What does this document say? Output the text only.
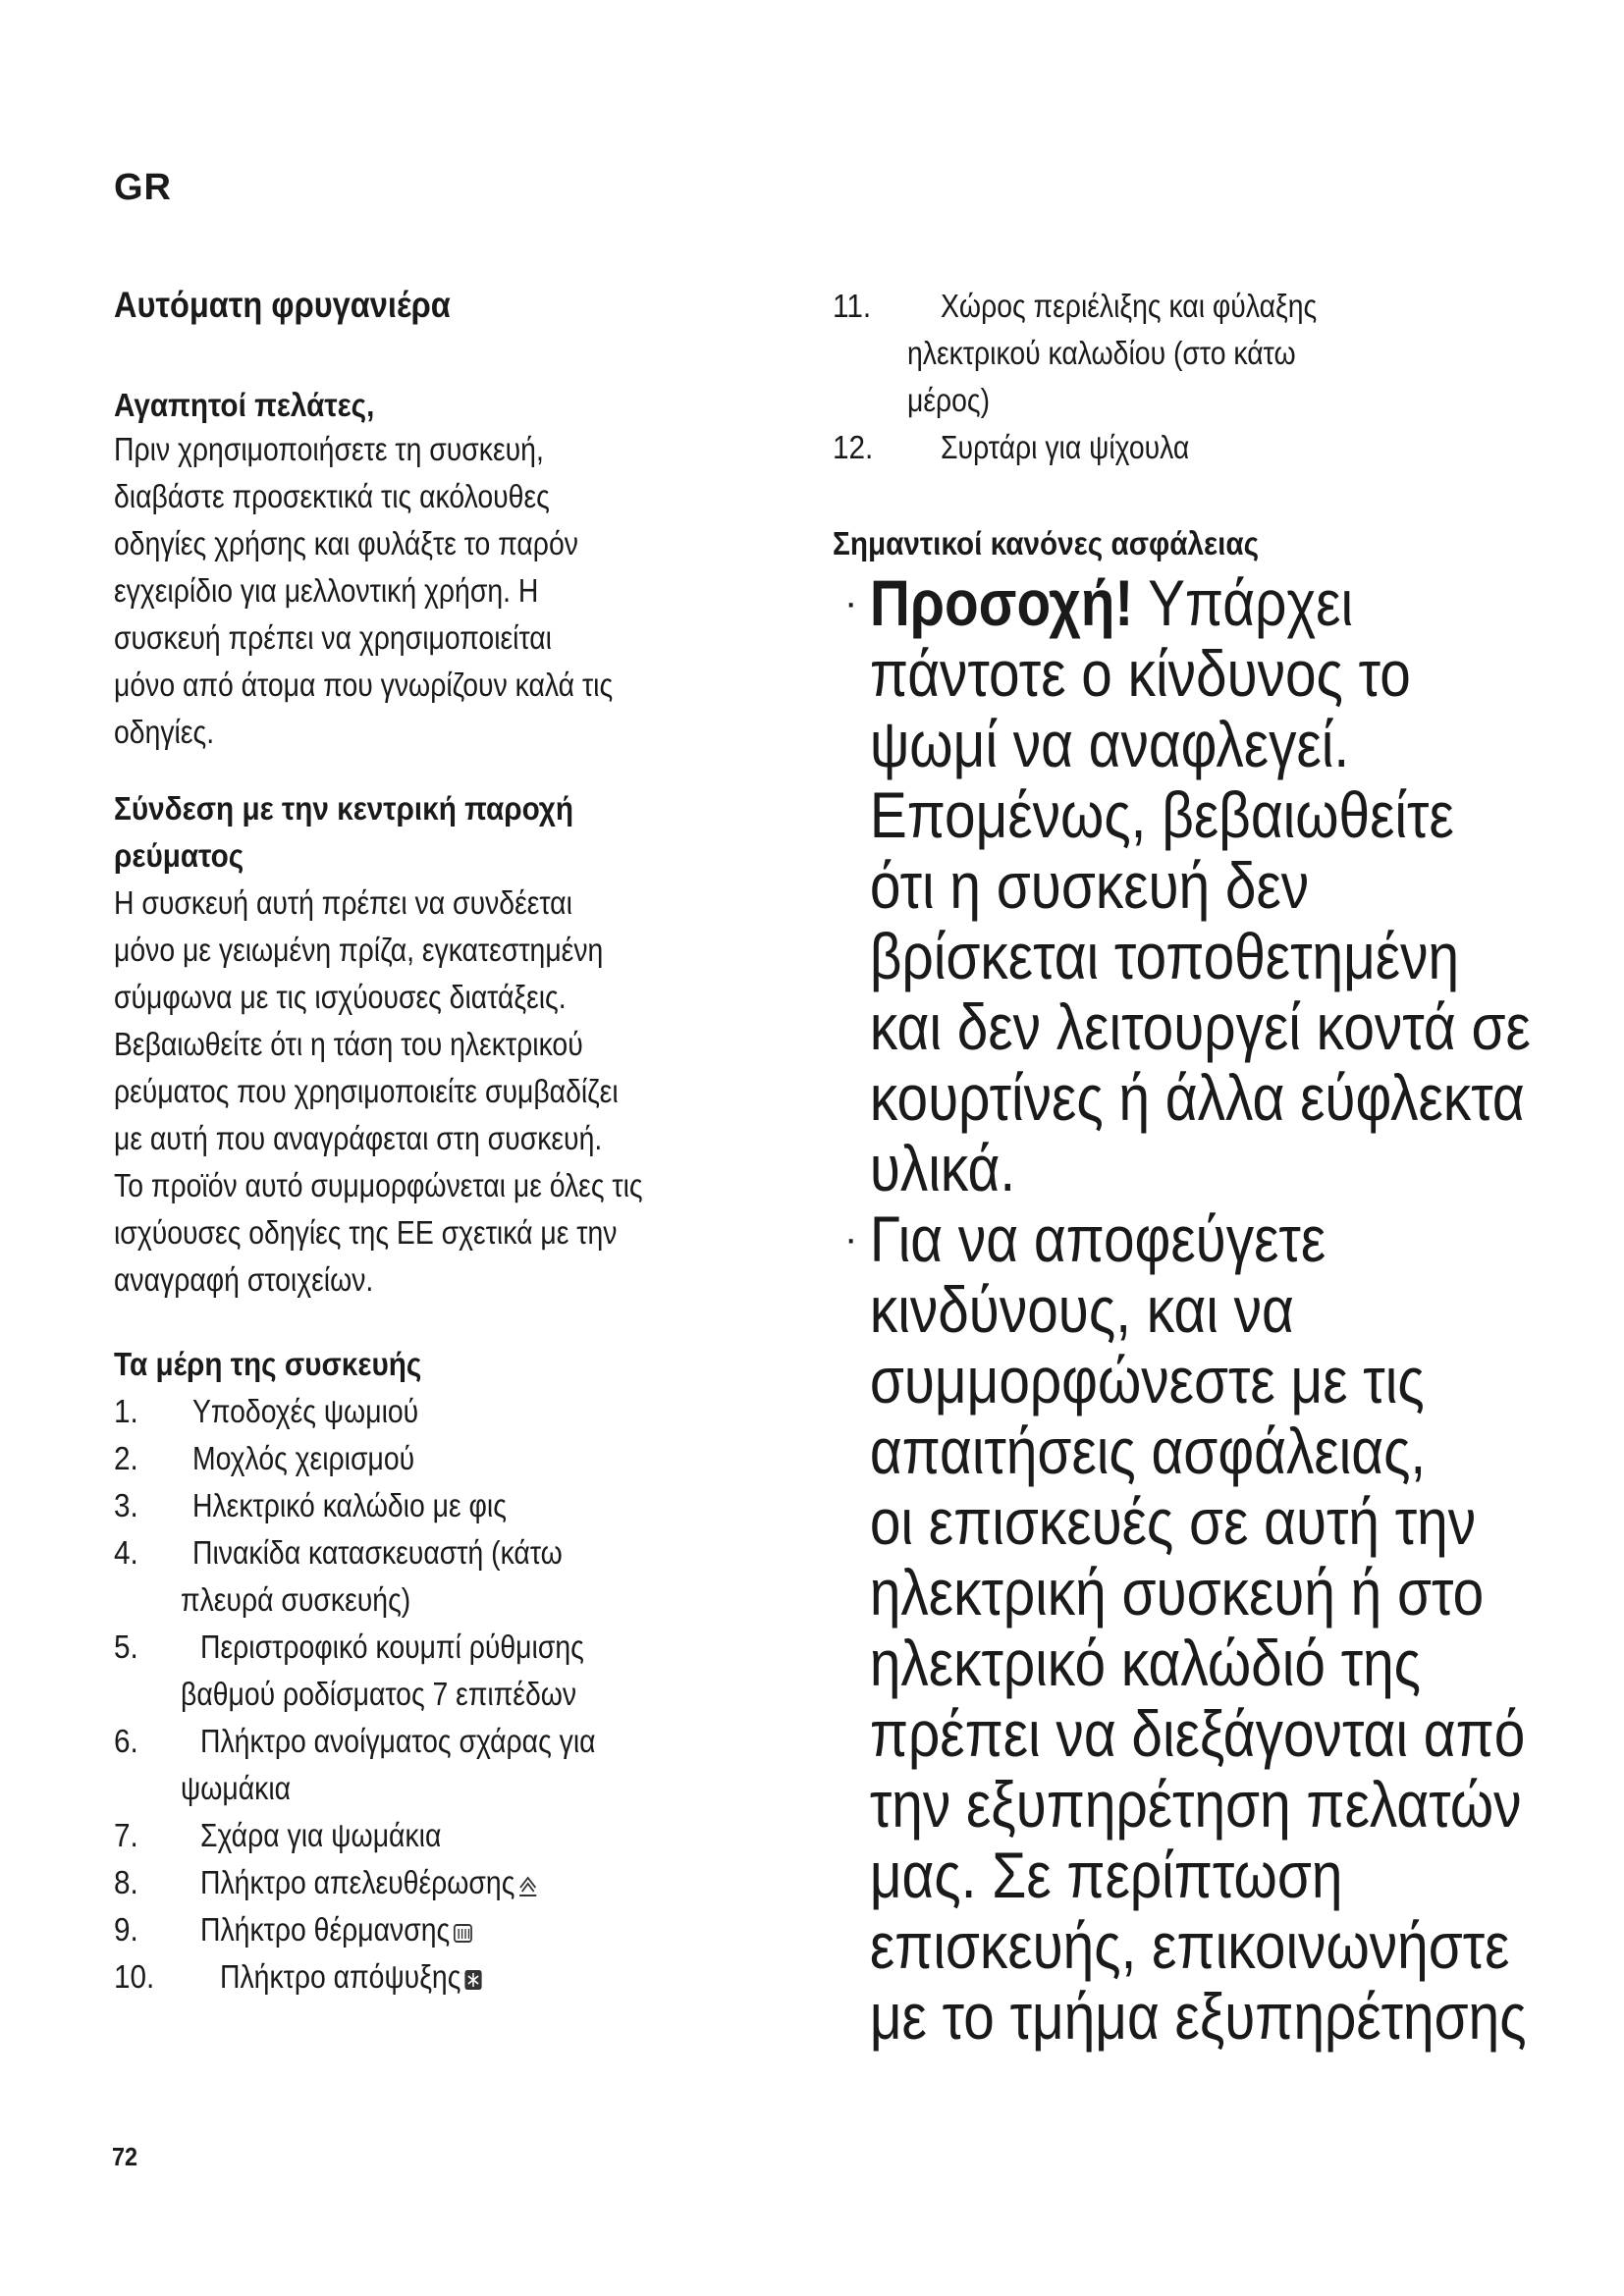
GR
Αυτόματη φρυγανιέρα
Αγαπητοί πελάτες,
Πριν χρησιμοποιήσετε τη συσκευή,
διαβάστε προσεκτικά τις ακόλουθες
οδηγίες χρήσης και φυλάξτε το παρόν
εγχειρίδιο για μελλοντική χρήση. Η
συσκευή πρέπει να χρησιμοποιείται
μόνο από άτομα που γνωρίζουν καλά τις
οδηγίες.
Σύνδεση με την κεντρική παροχή
ρεύματος
Η συσκευή αυτή πρέπει να συνδέεται
μόνο με γειωμένη πρίζα, εγκατεστημένη
σύμφωνα με τις ισχύουσες διατάξεις.
Βεβαιωθείτε ότι η τάση του ηλεκτρικού
ρεύματος που χρησιμοποιείτε συμβαδίζει
με αυτή που αναγράφεται στη συσκευή.
Το προϊόν αυτό συμμορφώνεται με όλες τις
ισχύουσες οδηγίες της ΕΕ σχετικά με την
αναγραφή στοιχείων.
Τα μέρη της συσκευής
1. Υποδοχές ψωμιού
2. Μοχλός χειρισμού
3. Ηλεκτρικό καλώδιο με φις
4. Πινακίδα κατασκευαστή (κάτω
πλευρά συσκευής)
5. Περιστροφικό κουμπί ρύθμισης
βαθμού ροδίσματος 7 επιπέδων
6. Πλήκτρο ανοίγματος σχάρας για
ψωμάκια
7. Σχάρα για ψωμάκια
8. Πλήκτρο απελευθέρωσης
9. Πλήκτρο θέρμανσης
10. Πλήκτρο απόψυξης
11. Χώρος περιέλιξης και φύλαξης
ηλεκτρικού καλωδίου (στο κάτω
μέρος)
12. Συρτάρι για ψίχουλα
Σημαντικοί κανόνες ασφάλειας
· Προσοχή! Υπάρχει
πάντοτε ο κίνδυνος το
ψωμί να αναφλεγεί.
Επομένως, βεβαιωθείτε
ότι η συσκευή δεν
βρίσκεται τοποθετημένη
και δεν λειτουργεί κοντά σε
κουρτίνες ή άλλα εύφλεκτα
υλικά.
· Για να αποφεύγετε
κινδύνους, και να
συμμορφώνεστε με τις
απαιτήσεις ασφάλειας,
οι επισκευές σε αυτή την
ηλεκτρική συσκευή ή στο
ηλεκτρικό καλώδιό της
πρέπει να διεξάγονται από
την εξυπηρέτηση πελατών
μας. Σε περίπτωση
επισκευής, επικοινωνήστε
με το τμήμα εξυπηρέτησης
72
